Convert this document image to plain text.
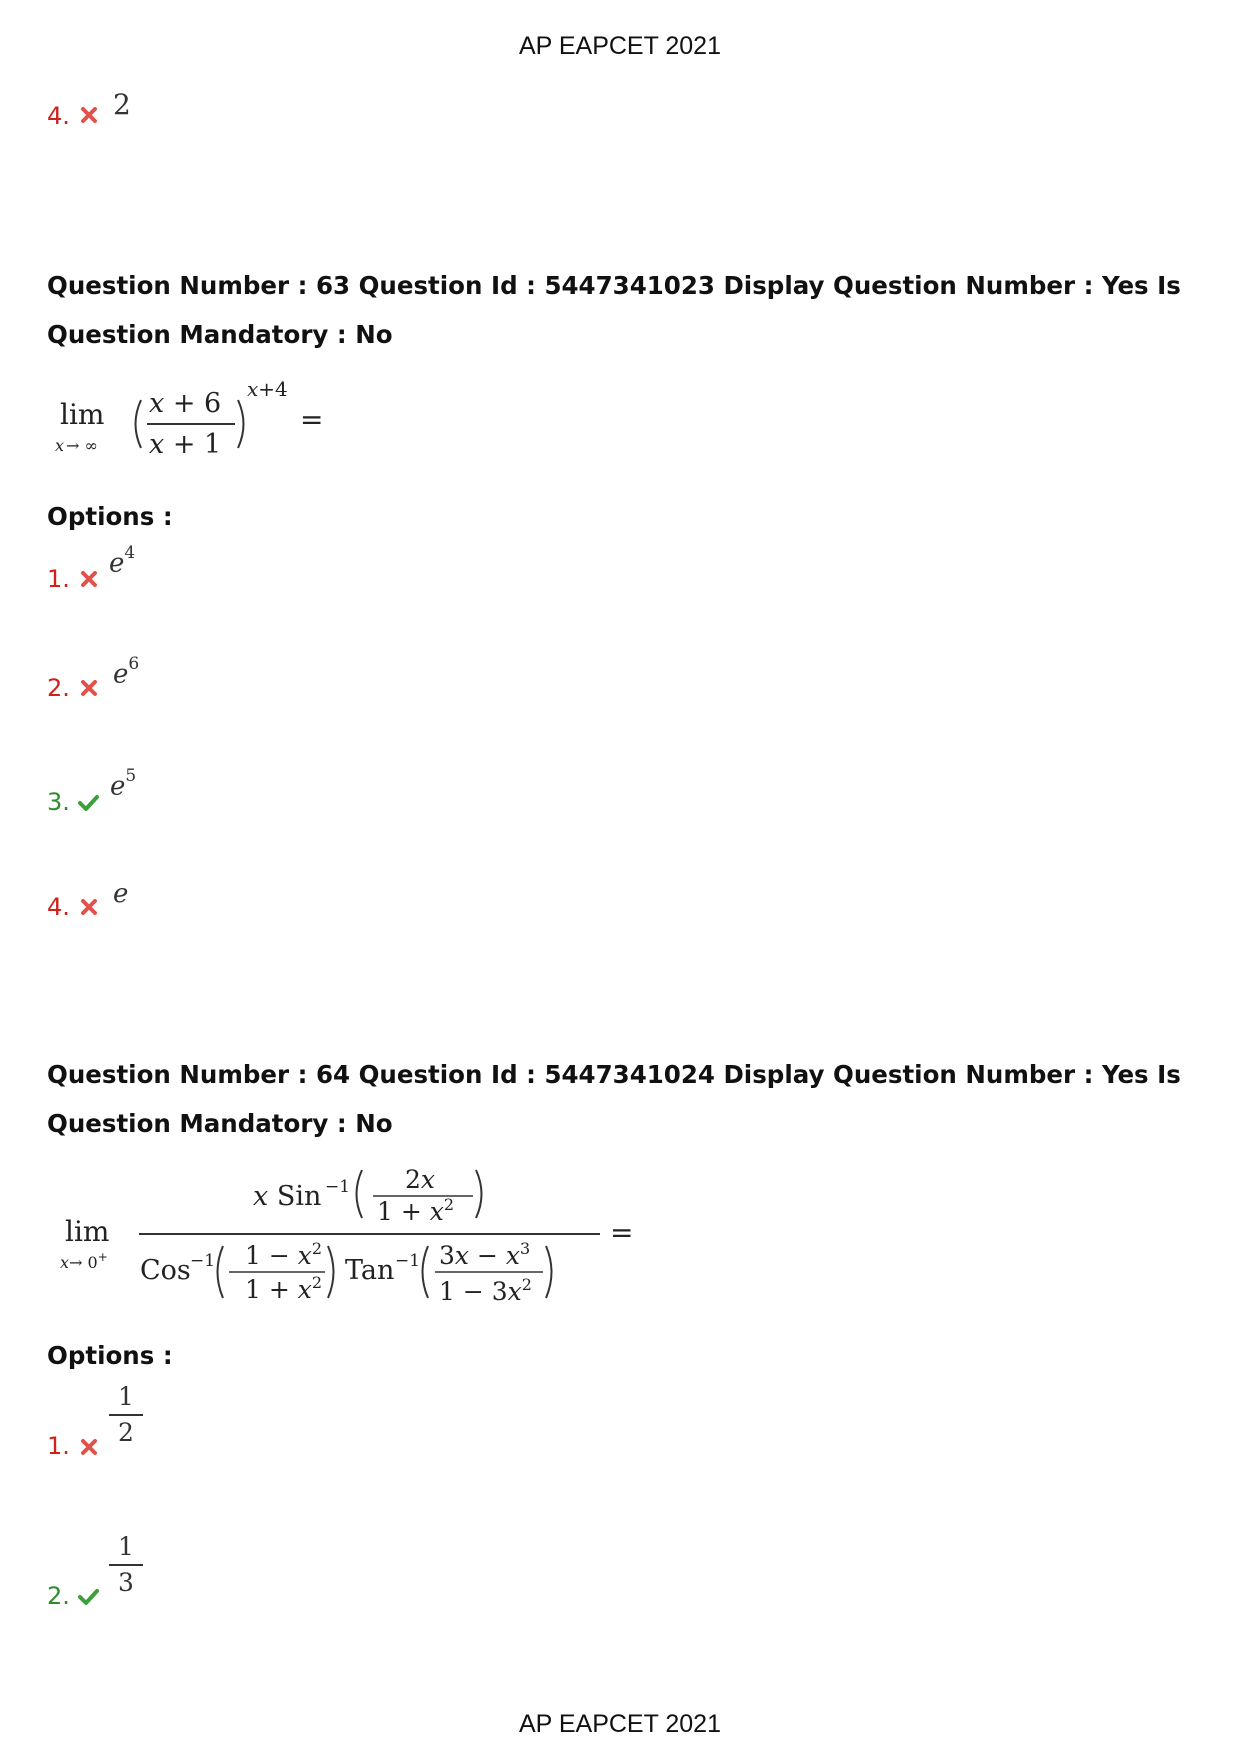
AP EAPCET 2021
4. 2
Question Number : 63 Question Id : 5447341023 Display Question Number : Yes Is Question Mandatory : No
lim
x → ∞
x + 6
x + 1
x+4
=
Options :
1.
$e^4$
2. $e^6$
3.
$e^5$
4. e
Question Number : 64 Question Id : 5447341024 Display Question Number : Yes Is Question Mandatory : No
lim
x→ 0+
x Sin −1 2x
$1 + x^2$
Cos −1 $1 - x^2$
$1 + x^2$ Tan −1 $3x - x^3$
$1 - 3x^2$
=
Options :
1.
1
2
2.
1
3
AP EAPCET 2021
